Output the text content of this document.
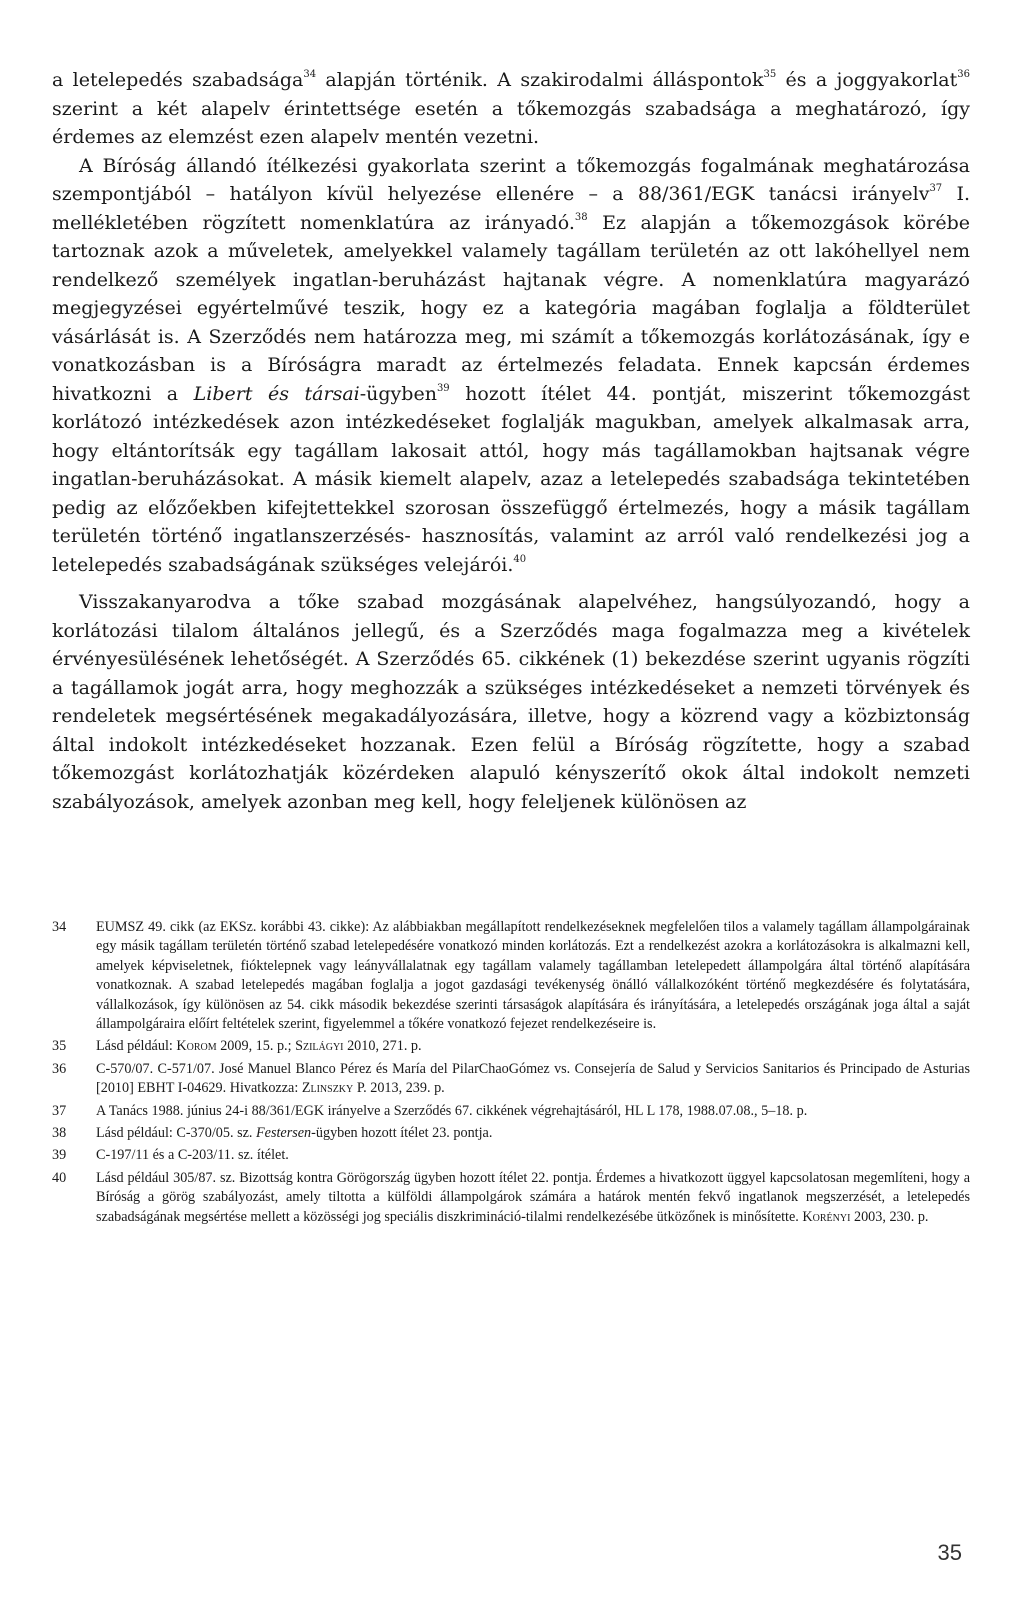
a letelepedés szabadsága$^{34}$ alapján történik. A szakirodalmi álláspontok$^{35}$ és a joggyakorlat$^{36}$ szerint a két alapelv érintettsége esetén a tőkemozgás szabadsága a meghatározó, így érdemes az elemzést ezen alapelv mentén vezetni.

A Bíróság állandó ítélkezési gyakorlata szerint a tőkemozgás fogalmának meghatározása szempontjából – hatályon kívül helyezése ellenére – a 88/361/EGK tanácsi irányelv$^{37}$ I. mellékletében rögzített nomenklatúra az irányadó.$^{38}$ Ez alapján a tőkemozgások körébe tartoznak azok a műveletek, amelyekkel valamely tagállam területén az ott lakóhellyel nem rendelkező személyek ingatlan-beruházást hajtanak végre. A nomenklatúra magyarázó megjegyzései egyértelművé teszik, hogy ez a kategória magában foglalja a földterület vásárlását is. A Szerződés nem határozza meg, mi számít a tőkemozgás korlátozásának, így e vonatkozásban is a Bíróságra maradt az értelmezés feladata. Ennek kapcsán érdemes hivatkozni a Libert és társai-ügyben$^{39}$ hozott ítélet 44. pontját, miszerint tőkemozgást korlátozó intézkedések azon intézkedéseket foglalják magukban, amelyek alkalmasak arra, hogy eltántorítsák egy tagállam lakosait attól, hogy más tagállamokban hajtsanak végre ingatlan-beruházásokat. A másik kiemelt alapelv, azaz a letelepedés szabadsága tekintetében pedig az előzőekben kifejtettekkel szorosan összefüggő értelmezés, hogy a másik tagállam területén történő ingatlanszerzésés- hasznosítás, valamint az arról való rendelkezési jog a letelepedés szabadságának szükséges velejárói.$^{40}$

Visszakanyarodva a tőke szabad mozgásának alapelvéhez, hangsúlyozandó, hogy a korlátozási tilalom általános jellegű, és a Szerződés maga fogalmazza meg a kivételek érvényesülésének lehetőségét. A Szerződés 65. cikkének (1) bekezdése szerint ugyanis rögzíti a tagállamok jogát arra, hogy meghozzák a szükséges intézkedéseket a nemzeti törvények és rendeletek megsértésének megakadályozására, illetve, hogy a közrend vagy a közbiztonság által indokolt intézkedéseket hozzanak. Ezen felül a Bíróság rögzítette, hogy a szabad tőkemozgást korlátozhatják közérdeken alapuló kényszerítő okok által indokolt nemzeti szabályozások, amelyek azonban meg kell, hogy feleljenek különösen az

34 EUMSZ 49. cikk (az EKSz. korábbi 43. cikke): Az alábbiakban megállapított rendelkezéseknek megfelelően tilos a valamely tagállam állampolgárainak egy másik tagállam területén történő szabad letelepedésére vonatkozó minden korlátozás. Ezt a rendelkezést azokra a korlátozásokra is alkalmazni kell, amelyek képviseletnek, fióktelepnek vagy leányvállalatnak egy tagállam valamely tagállamban letelepedett állampolgára által történő alapítására vonatkoznak. A szabad letelepedés magában foglalja a jogot gazdasági tevékenység önálló vállalkozóként történő megkezdésére és folytatására, vállalkozások, így különösen az 54. cikk második bekezdése szerinti társaságok alapítására és irányítására, a letelepedés országának joga által a saját állampolgáraira előírt feltételek szerint, figyelemmel a tőkére vonatkozó fejezet rendelkezéseire is.
35 Lásd például: Korom 2009, 15. p.; Szilágyi 2010, 271. p.
36 C-570/07. C-571/07. José Manuel Blanco Pérez és María del PilarChaoGómez vs. Consejería de Salud y Servicios Sanitarios és Principado de Asturias [2010] EBHT I-04629. Hivatkozza: Zlinszky P. 2013, 239. p.
37 A Tanács 1988. június 24-i 88/361/EGK irányelve a Szerződés 67. cikkének végrehajtásáról, HL L 178, 1988.07.08., 5–18. p.
38 Lásd például: C-370/05. sz. Festersen-ügyben hozott ítélet 23. pontja.
39 C-197/11 és a C-203/11. sz. ítélet.
40 Lásd például 305/87. sz. Bizottság kontra Görögország ügyben hozott ítélet 22. pontja. Érdemes a hivatkozott üggyel kapcsolatosan megemlíteni, hogy a Bíróság a görög szabályozást, amely tiltotta a külföldi állampolgárok számára a határok mentén fekvő ingatlanok megszerzését, a letelepedés szabadságának megsértése mellett a közösségi jog speciális diszkrimináció-tilalmi rendelkezésébe ütközőnek is minősítette. Korényi 2003, 230. p.
35
